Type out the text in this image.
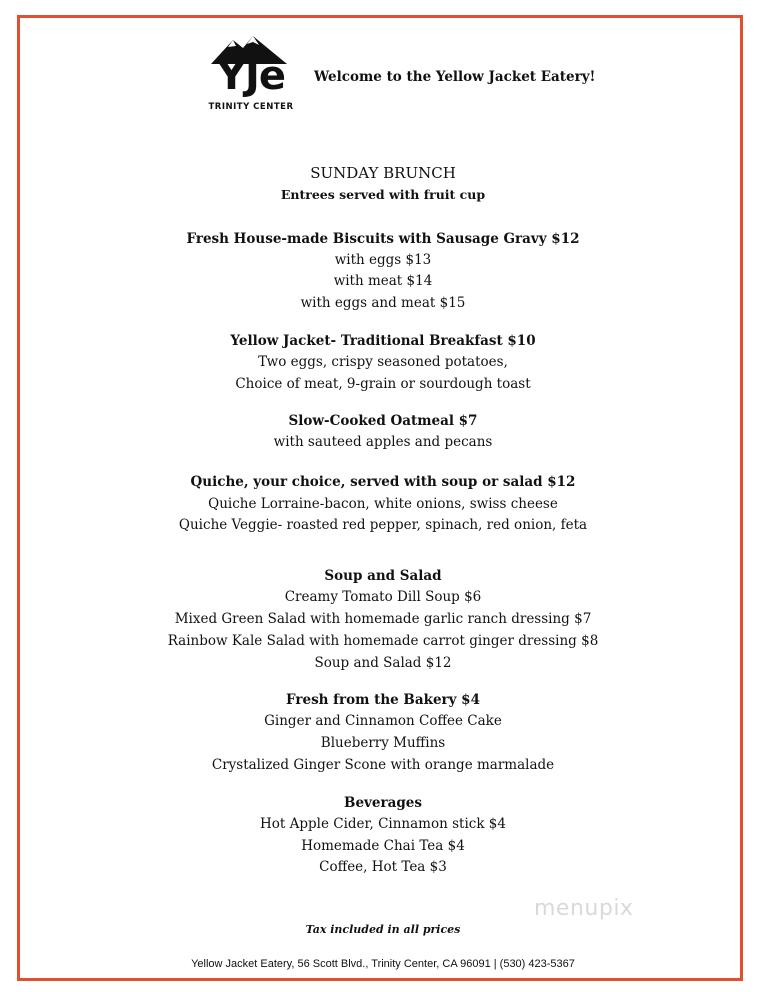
YJe
TRINITY CENTER
Welcome to the Yellow Jacket Eatery!
SUNDAY BRUNCH
Entrees served with fruit cup
Fresh House-made Biscuits with Sausage Gravy $12
with eggs $13
with meat $14
with eggs and meat $15
Yellow Jacket- Traditional Breakfast $10
Two eggs, crispy seasoned potatoes,
Choice of meat, 9-grain or sourdough toast
Slow-Cooked Oatmeal $7
with sauteed apples and pecans
Quiche, your choice, served with soup or salad $12
Quiche Lorraine-bacon, white onions, swiss cheese
Quiche Veggie- roasted red pepper, spinach, red onion, feta
Soup and Salad
Creamy Tomato Dill Soup $6
Mixed Green Salad with homemade garlic ranch dressing $7
Rainbow Kale Salad with homemade carrot ginger dressing $8
Soup and Salad $12
Fresh from the Bakery $4
Ginger and Cinnamon Coffee Cake
Blueberry Muffins
Crystalized Ginger Scone with orange marmalade
Beverages
Hot Apple Cider, Cinnamon stick $4
Homemade Chai Tea $4
Coffee, Hot Tea $3
menupix
Tax included in all prices
Yellow Jacket Eatery, 56 Scott Blvd., Trinity Center, CA 96091 | (530) 423-5367
